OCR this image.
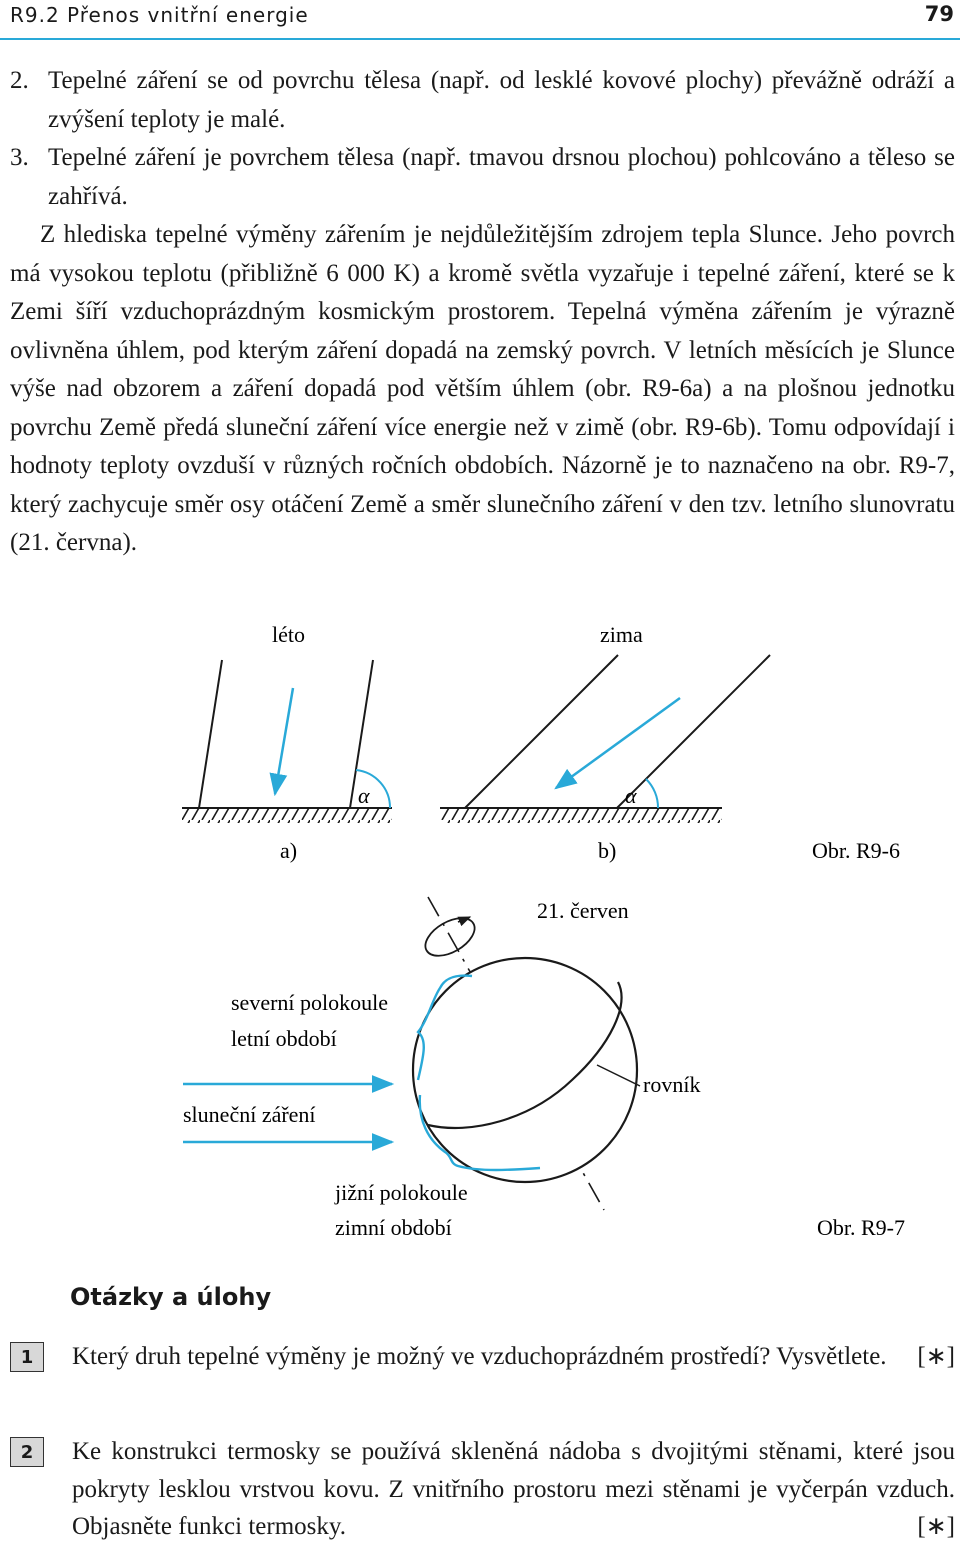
R9.2 Přenos vnitřní energie	79
2. Tepelné záření se od povrchu tělesa (např. od lesklé kovové plochy) převážně odráží a zvýšení teploty je malé.
3. Tepelné záření je povrchem tělesa (např. tmavou drsnou plochou) pohlcováno a těleso se zahřívá.

Z hlediska tepelné výměny zářením je nejdůležitějším zdrojem tepla Slunce. Jeho povrch má vysokou teplotu (přibližně 6 000 K) a kromě světla vyzařuje i tepelné záření, které se k Zemi šíří vzduchoprázdným kosmickým prostorem. Tepelná výměna zářením je výrazně ovlivněna úhlem, pod kterým záření dopadá na zemský povrch. V letních měsících je Slunce výše nad obzorem a záření dopadá pod větším úhlem (obr. R9-6a) a na plošnou jednotku povrchu Země předá sluneční záření více energie než v zimě (obr. R9-6b). Tomu odpovídají i hodnoty teploty ovzduší v různých ročních obdobích. Názorně je to naznačeno na obr. R9-7, který zachycuje směr osy otáčení Země a směr slunečního záření v den tzv. letního slunovratu (21. června).

léto	zima
α	α
a)	b)	Obr. R9-6
21. červen
rovník
severní polokoule
letní období
sluneční záření
jižní polokoule
zimní období	Obr. R9-7
Otázky a úlohy
1	Který druh tepelné výměny je možný ve vzduchoprázdném prostředí? Vysvětlete. [∗]
2	Ke konstrukci termosky se používá skleněná nádoba s dvojitými stěnami, které jsou pokryty lesklou vrstvou kovu. Z vnitřního prostoru mezi stěnami je vyčerpán vzduch. Objasněte funkci termosky.	[∗]
